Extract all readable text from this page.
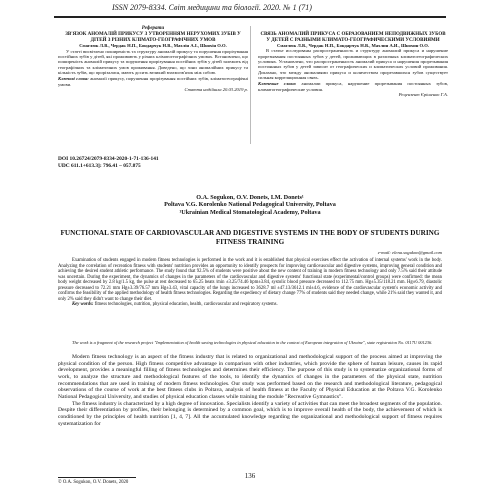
ISSN 2079-8334. Світ медицини та біології. 2020. № 1 (71)
Реферати
ЗВ'ЯЗОК АНОМАЛІЙ ПРИКУСУ З УТВОРЕННЯМ НЕРУХОМИХ ЗУБІВ У ДІТЕЙ З РІЗНИХ КЛІМАТО-ГЕОГРАФІЧНИХ УМОВ
Смаглюк Л.В., Чердак Н.П., Бондарчук Н.В., Махлін А.І., Шнохін О.О.

У статті висвітлено поширеність та структуру аномалій прикусу та порушення прорізування постійних зубів у дітей, які проживають у різних кліматогеографічних умовах. Встановлено, що поширеність аномалій прикусу та порушення прорізування постійних зубів у дітей залежить від географічних та кліматичних умов проживання. Доведено, що зони аномалійних прикусу та кількість зубів, що прорізалися, мають досить великий взаємозв'язок між собою.

Ключові слова: аномалії прикусу, порушення прорізування постійних зубів, кліматогеографічні умови.
Стаття надійшла 20.03.2019 р.
СВЯЗЬ АНОМАЛИЙ ПРИКУСА С ОБРАЗОВАНИЕМ НЕПОДВИЖНЫХ ЗУБОВ У ДЕТЕЙ С РАЗНЫМИ КЛИМАТО-ГЕОГРАФИЧЕСКИМИ УСЛОВИЯМИ
Смаглюк Л.В., Чердак Н.П., Бондарчук Н.В., Махлин А.И., Шнохин О.О.

В статье исследованы распространенность и структуру аномалий прикуса и нарушение прорезывания постоянных зубов у детей, проживающих в различных климатогеографических условиях. Установлено, что распространенность аномалий прикуса и нарушения прорезывания постоянных зубов у детей зависит от географических и климатических условий проживания. Доказано, что между аномалиями прикуса и количеством прорезавшихся зубов существует сильная корреляционная связь.

Ключевые слова: аномалии прикуса, нарушение прорезывания постоянных зубов, климатогеографические условия.
Рецензент Єрішенко Г.А.
DOI 10.26724/2079-8334-2020-1-71-136-141
UDC 611.1+613.3]: 796.41 – 057.875
O.A. Sogukon, O.V. Donets, I.M. Donets¹
Poltava V.G. Korolenko National Pedagogical University, Poltava
¹Ukrainian Medical Stomatological Academy, Poltava
FUNCTIONAL STATE OF CARDIOVASCULAR AND DIGESTIVE SYSTEMS IN THE BODY OF STUDENTS DURING FITNESS TRAINING
e-mail: elena.sogukon@gmail.com

Examination of students engaged in modern fitness technologies is performed in the work and it is established that physical exercises effect the activation of internal systems' work in the body. Analyzing the correlation of recreation fitness with students' nutrition provides an opportunity to identify prospects for improving cardiovascular and digestive systems, improving general condition and achieving the desired student athletic performance. The study found that 92.5% of students were positive about the new content of training in modern fitness technology and only 7.5% said their attitude was uncertain. During the experiment, the dynamics of changes in the parameters of the cardiovascular and digestive systems' functional state (experimental/control groups) were confirmed: the mean body weight decreased by 2.8 kg/1.5 kg, the pulse at rest decreased to 65.25 beats /min ±3.25/74.46 bpm±3.84, systolic blood pressure decreased to 112.75 mm. Hg±5.35/118.21 mm. Hg±6.79, diastolic pressure decreased to 72.21 mm Hg±3.39/76.57 mm Hg±3.43, vital capacity of the lungs increased to 3628.7 ml ±47.13/3612.1 ml±4.6, evidence of the cardiovascular system's economic activity and confirms the feasibility of the applied methodology of health fitness technologies. Regarding the expediency of dietary change 77% of students said they needed change, while 21% said they wanted it, and only 2% said they didn't want to change their diet.

Key words: fitness technologies, nutrition, physical education, health, cardiovascular and respiratory systems.

The work is a fragment of the research project "Implementation of health saving technologies in physical education in the context of European integration of Ukraine", state registration No. 0117U 001236.

Modern fitness technology is an aspect of the fitness industry that is related to organizational and methodological support of the process aimed at improving the physical condition of the person. High fitness competitive advantage in comparison with other industries, which provide the sphere of human leisure, causes its rapid development, provides a meaningful filling of fitness technologies and determines their efficiency. The purpose of this study is to systematize organizational forms of work, to analyze the structure and methodological features of the tools, to identify the dynamics of changes in the parameters of the physical state, nutrition recommendations that are used in training of modern fitness technologies. Our study was performed based on the research and methodological literature, pedagogical observations of the course of work at the best fitness clubs in Poltava, analysis of health fitness at the Faculty of Physical Education at the Poltava V.G. Korolenko National Pedagogical University, and studies of physical education classes while training the module "Recreative Gymnastics".

The fitness industry is characterized by a high degree of innovation. Specialists identify a variety of activities that can meet the broadest segments of the population. Despite their differentiation by profiles, their belonging is determined by a common goal, which is to improve overall health of the body, the achievement of which is conditioned by the principles of health nutrition [1, 4, 7]. All the accumulated knowledge regarding the organizational and methodological support of fitness requires systematization for

136
© O.A. Sogukon, O.V. Donets, 2020
